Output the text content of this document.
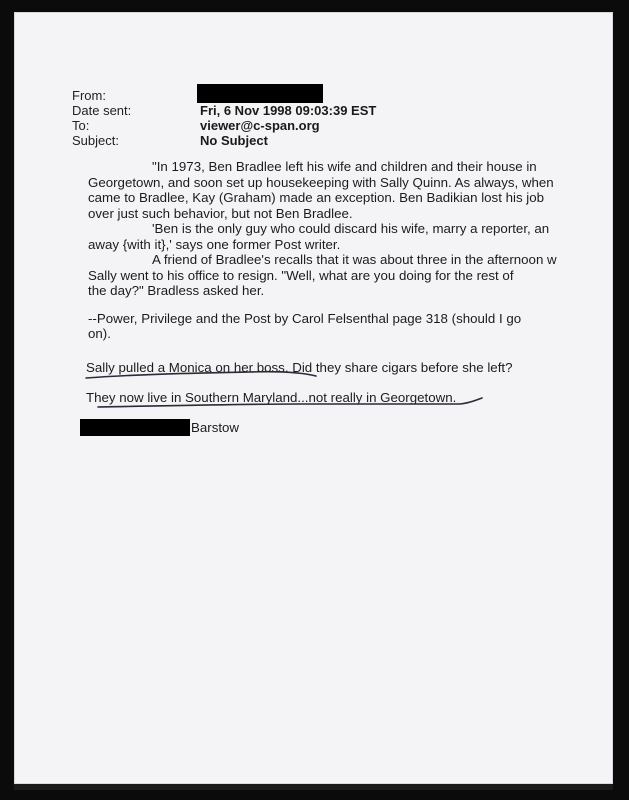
From:
Date sent:	Fri, 6 Nov 1998 09:03:39 EST
To:	viewer@c-span.org
Subject:	No Subject
"In 1973, Ben Bradlee left his wife and children and their house in
Georgetown, and soon set up housekeeping with Sally Quinn. As always, when
came to Bradlee, Kay (Graham) made an exception. Ben Badikian lost his job
over just such behavior, but not Ben Bradlee.
'Ben is the only guy who could discard his wife, marry a reporter, an
away {with it},' says one former Post writer.
A friend of Bradlee's recalls that it was about three in the afternoon w
Sally went to his office to resign. "Well, what are you doing for the rest of
the day?" Bradless asked her.
--Power, Privilege and the Post by Carol Felsenthal page 318 (should I go
on).
Sally pulled a Monica on her boss. Did they share cigars before she left?
They now live in Southern Maryland...not really in Georgetown.
Barstow
